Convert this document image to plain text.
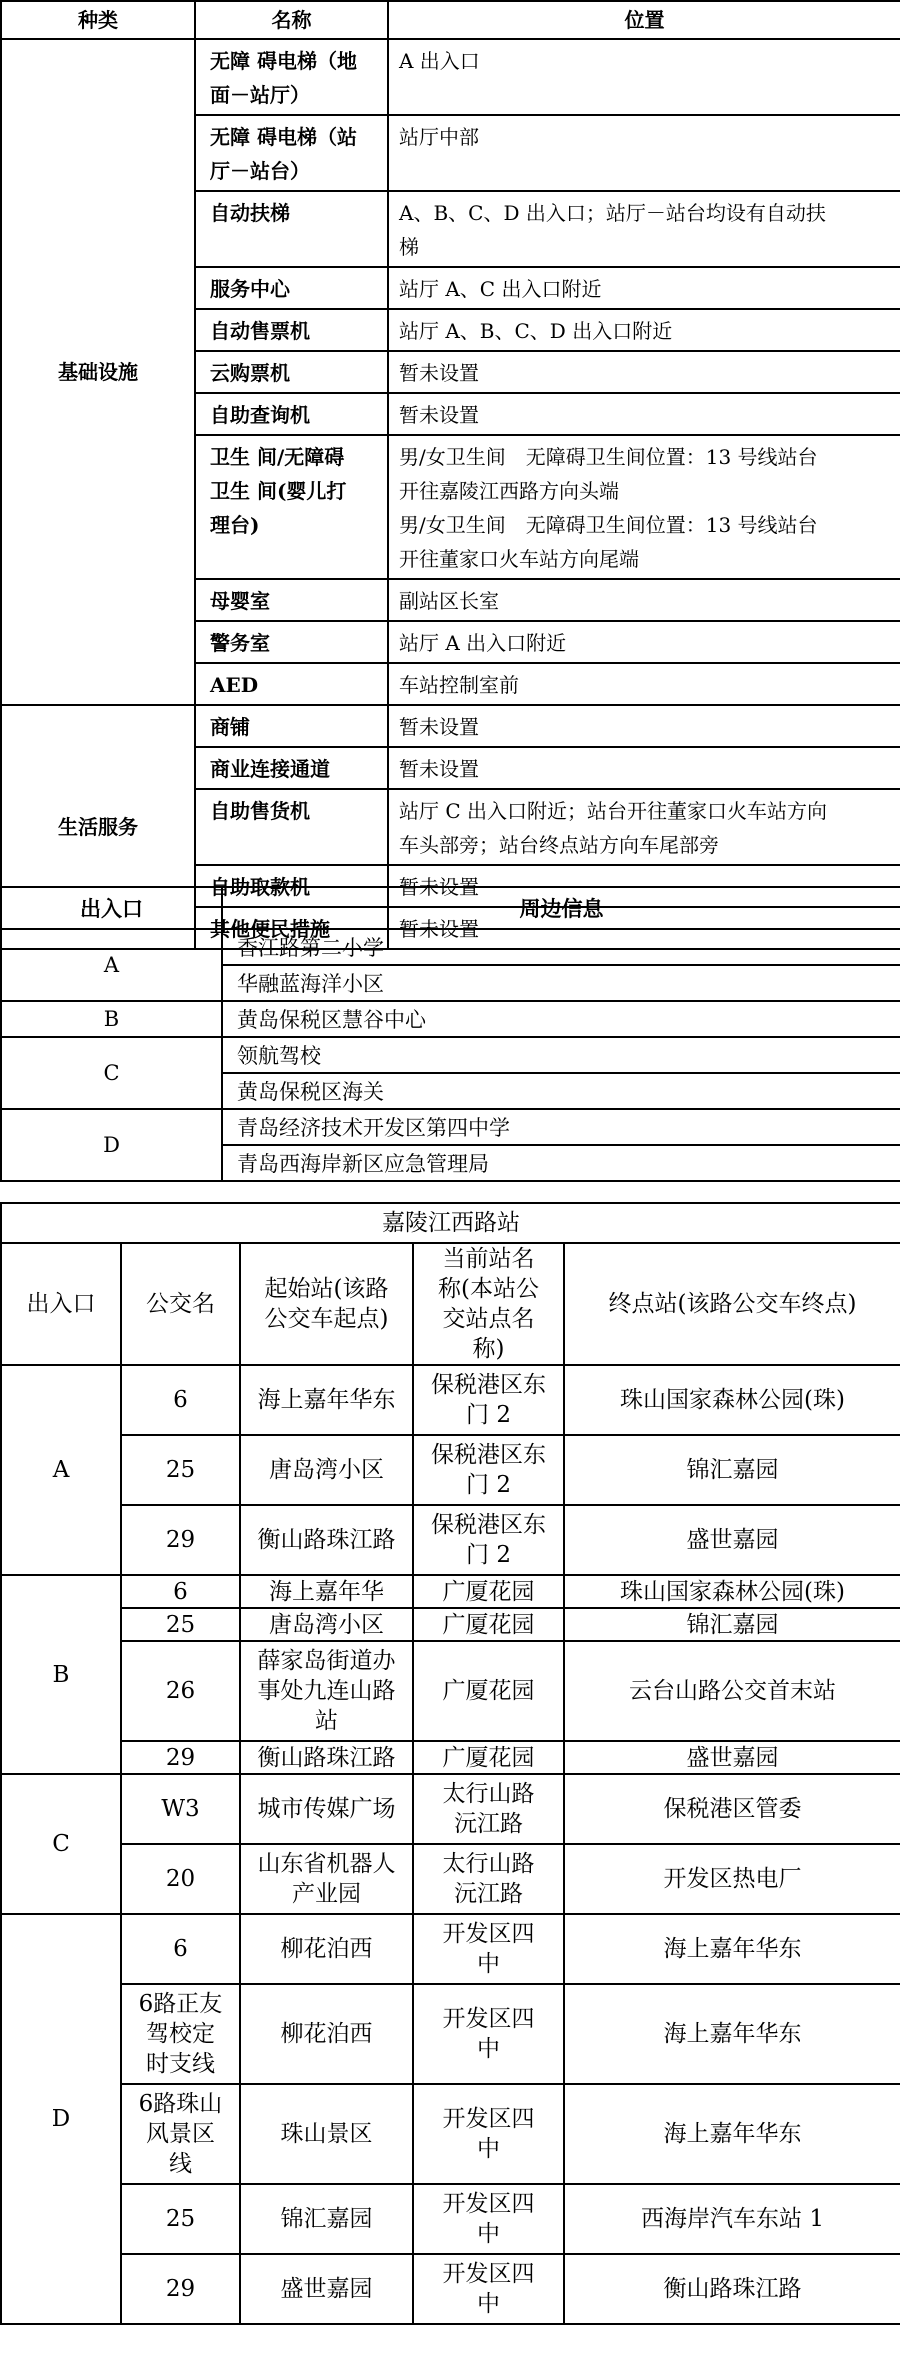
种类	名称	位置
基础设施	无障 碍电梯（地
面－站厅）	A 出入口

	无障 碍电梯（站
厅－站台）	站厅中部

	自动扶梯	A、B、C、D 出入口；站厅－站台均设有自动扶
梯

	服务中心	站厅 A、C 出入口附近

	自动售票机	站厅 A、B、C、D 出入口附近

	云购票机	暂未设置

	自助查询机	暂未设置

	卫生 间/无障碍
卫生 间(婴儿打
理台)	男/女卫生间　无障碍卫生间位置：13 号线站台
开往嘉陵江西路方向头端
男/女卫生间　无障碍卫生间位置：13 号线站台
开往董家口火车站方向尾端

	母婴室	副站区长室

	警务室	站厅 A 出入口附近

	AED	车站控制室前

生活服务	商铺	暂未设置

	商业连接通道	暂未设置

	自助售货机	站厅 C 出入口附近；站台开往董家口火车站方向
车头部旁；站台终点站方向车尾部旁

	自助取款机	暂未设置

	其他便民措施	暂未设置
出入口	周边信息
A	香江路第二小学
	华融蓝海洋小区
B	黄岛保税区慧谷中心
C	领航驾校
	黄岛保税区海关
D	青岛经济技术开发区第四中学
	青岛西海岸新区应急管理局
嘉陵江西路站				

出入口	公交名	起始站(该路
公交车起点)	当前站名
称(本站公
交站点名
称)	终点站(该路公交车终点)

A	6	海上嘉年华东	保税港区东
门 2	珠山国家森林公园(珠)

	25	唐岛湾小区	保税港区东
门 2	锦汇嘉园

	29	衡山路珠江路	保税港区东
门 2	盛世嘉园

B	6	海上嘉年华	广厦花园	珠山国家森林公园(珠)

	25	唐岛湾小区	广厦花园	锦汇嘉园

	26	薛家岛街道办
事处九连山路
站	广厦花园	云台山路公交首末站

	29	衡山路珠江路	广厦花园	盛世嘉园

C	W3	城市传媒广场	太行山路
沅江路	保税港区管委

	20	山东省机器人
产业园	太行山路
沅江路	开发区热电厂

D	6	柳花泊西	开发区四
中	海上嘉年华东

	6路正友
驾校定
时支线	柳花泊西	开发区四
中	海上嘉年华东

	6路珠山
风景区
线	珠山景区	开发区四
中	海上嘉年华东

	25	锦汇嘉园	开发区四
中	西海岸汽车东站 1

	29	盛世嘉园	开发区四
中	衡山路珠江路
